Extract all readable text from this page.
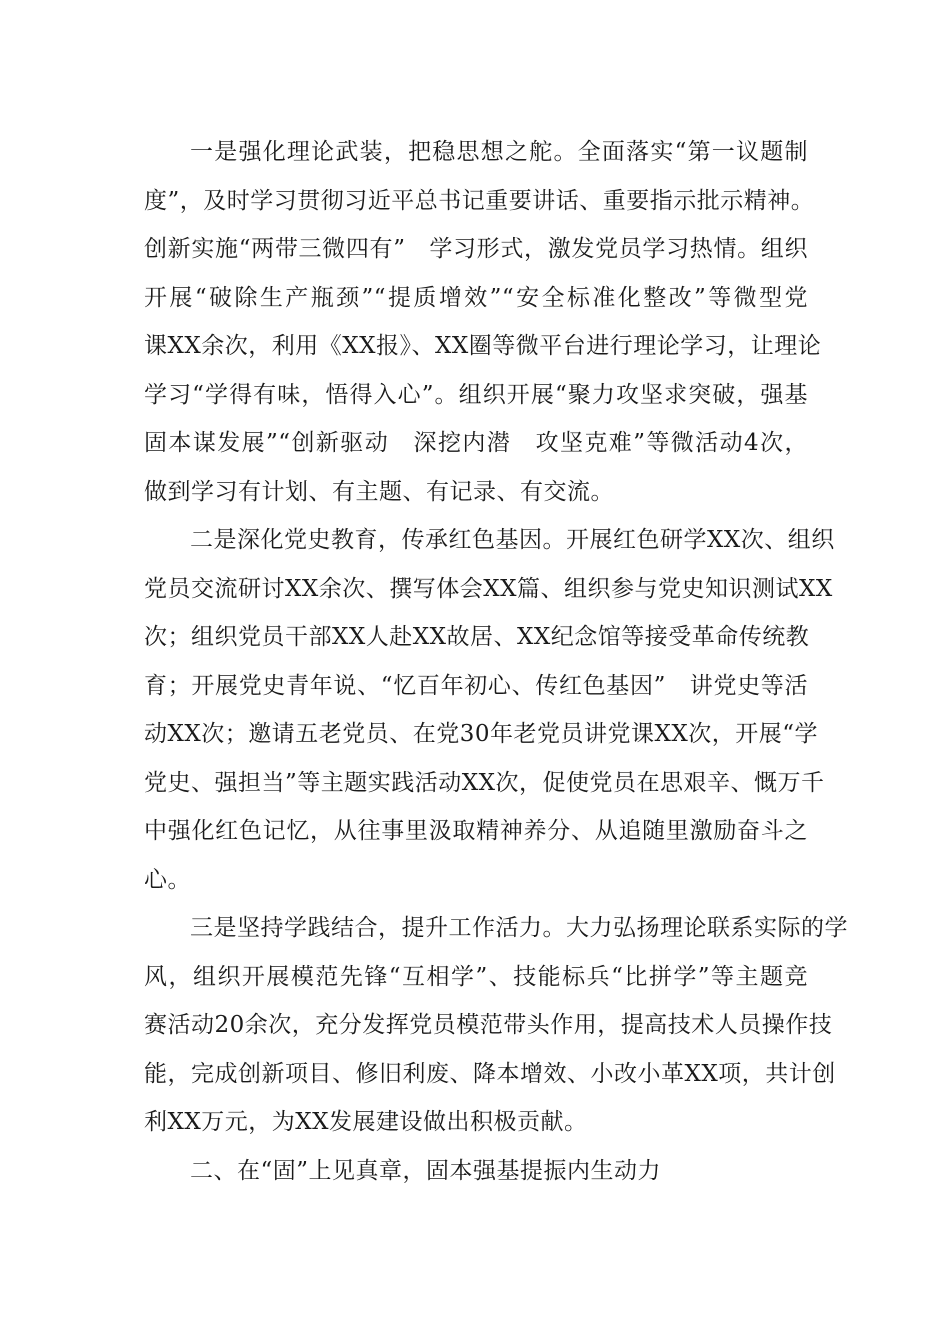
一是强化理论武装，把稳思想之舵。全面落实“第一议题制
度”，及时学习贯彻习近平总书记重要讲话、重要指示批示精神。
创新实施“两带三微四有”　学习形式，激发党员学习热情。组织
开展“破除生产瓶颈”“提质增效”“安全标准化整改”等微型党
课XX余次，利用《XX报》、XX圈等微平台进行理论学习，让理论
学习“学得有味，悟得入心”。组织开展“聚力攻坚求突破，强基
固本谋发展”“创新驱动　深挖内潜　攻坚克难”等微活动4次，
做到学习有计划、有主题、有记录、有交流。
二是深化党史教育，传承红色基因。开展红色研学XX次、组织
党员交流研讨XX余次、撰写体会XX篇、组织参与党史知识测试XX
次；组织党员干部XX人赴XX故居、XX纪念馆等接受革命传统教
育；开展党史青年说、“忆百年初心、传红色基因”　讲党史等活
动XX次；邀请五老党员、在党30年老党员讲党课XX次，开展“学
党史、强担当”等主题实践活动XX次，促使党员在思艰辛、慨万千
中强化红色记忆，从往事里汲取精神养分、从追随里激励奋斗之
心。
三是坚持学践结合，提升工作活力。大力弘扬理论联系实际的学
风，组织开展模范先锋“互相学”、技能标兵“比拼学”等主题竞
赛活动20余次，充分发挥党员模范带头作用，提高技术人员操作技
能，完成创新项目、修旧利废、降本增效、小改小革XX项，共计创
利XX万元，为XX发展建设做出积极贡献。
二、在“固”上见真章，固本强基提振内生动力
